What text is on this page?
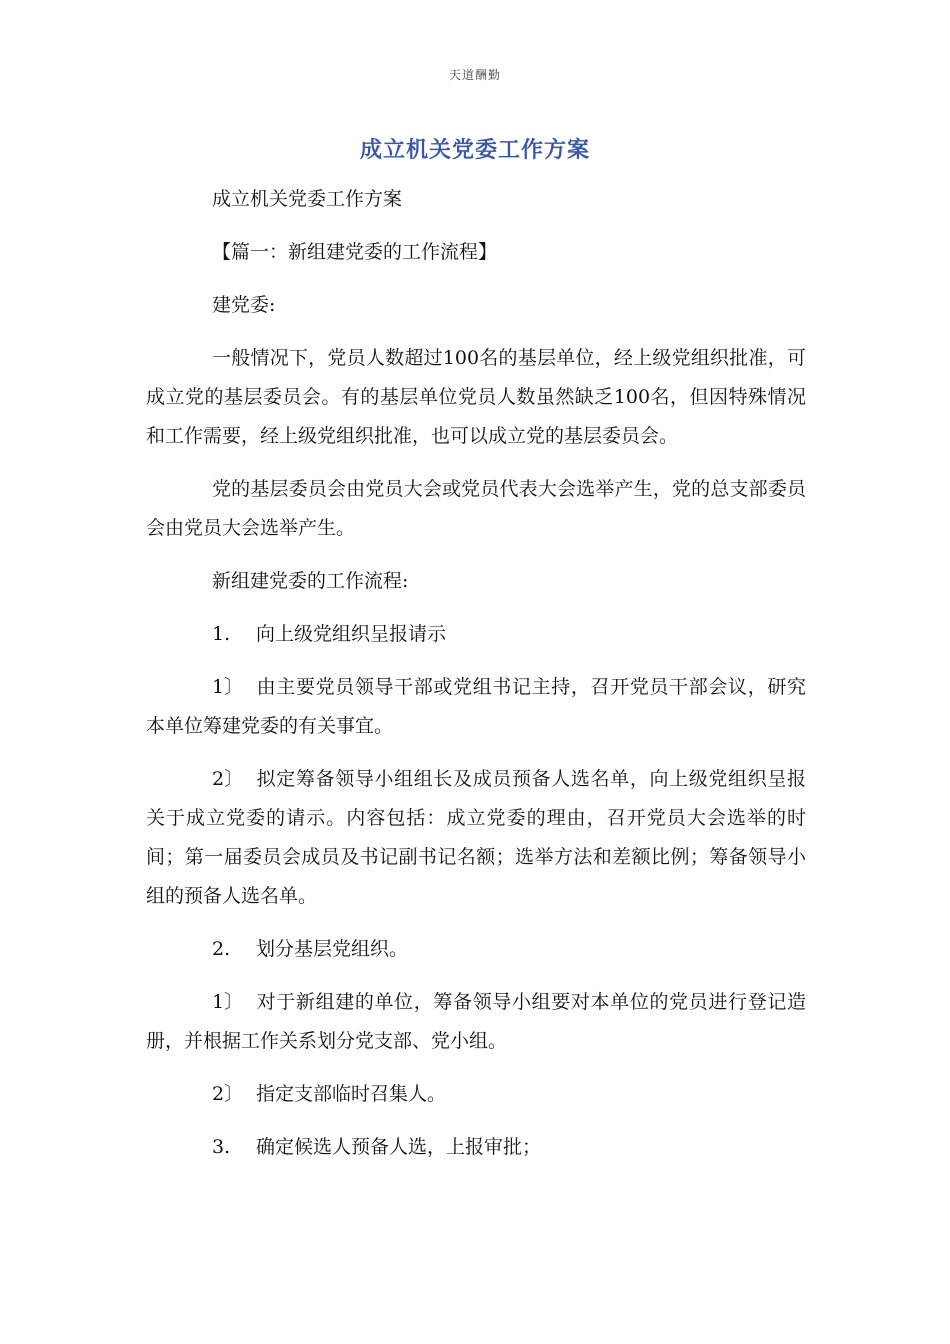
天道酬勤
成立机关党委工作方案

成立机关党委工作方案

【篇一：新组建党委的工作流程】

建党委:

一般情况下，党员人数超过100名的基层单位，经上级党组织批准，可成立党的基层委员会。有的基层单位党员人数虽然缺乏100名，但因特殊情况和工作需要，经上级党组织批准，也可以成立党的基层委员会。

党的基层委员会由党员大会或党员代表大会选举产生，党的总支部委员会由党员大会选举产生。

新组建党委的工作流程:

1. 向上级党组织呈报请示

1〕 由主要党员领导干部或党组书记主持，召开党员干部会议，研究本单位筹建党委的有关事宜。

2〕 拟定筹备领导小组组长及成员预备人选名单，向上级党组织呈报关于成立党委的请示。内容包括：成立党委的理由，召开党员大会选举的时间；第一届委员会成员及书记副书记名额；选举方法和差额比例；筹备领导小组的预备人选名单。

2. 划分基层党组织。

1〕 对于新组建的单位，筹备领导小组要对本单位的党员进行登记造册，并根据工作关系划分党支部、党小组。

2〕 指定支部临时召集人。

3. 确定候选人预备人选，上报审批；
